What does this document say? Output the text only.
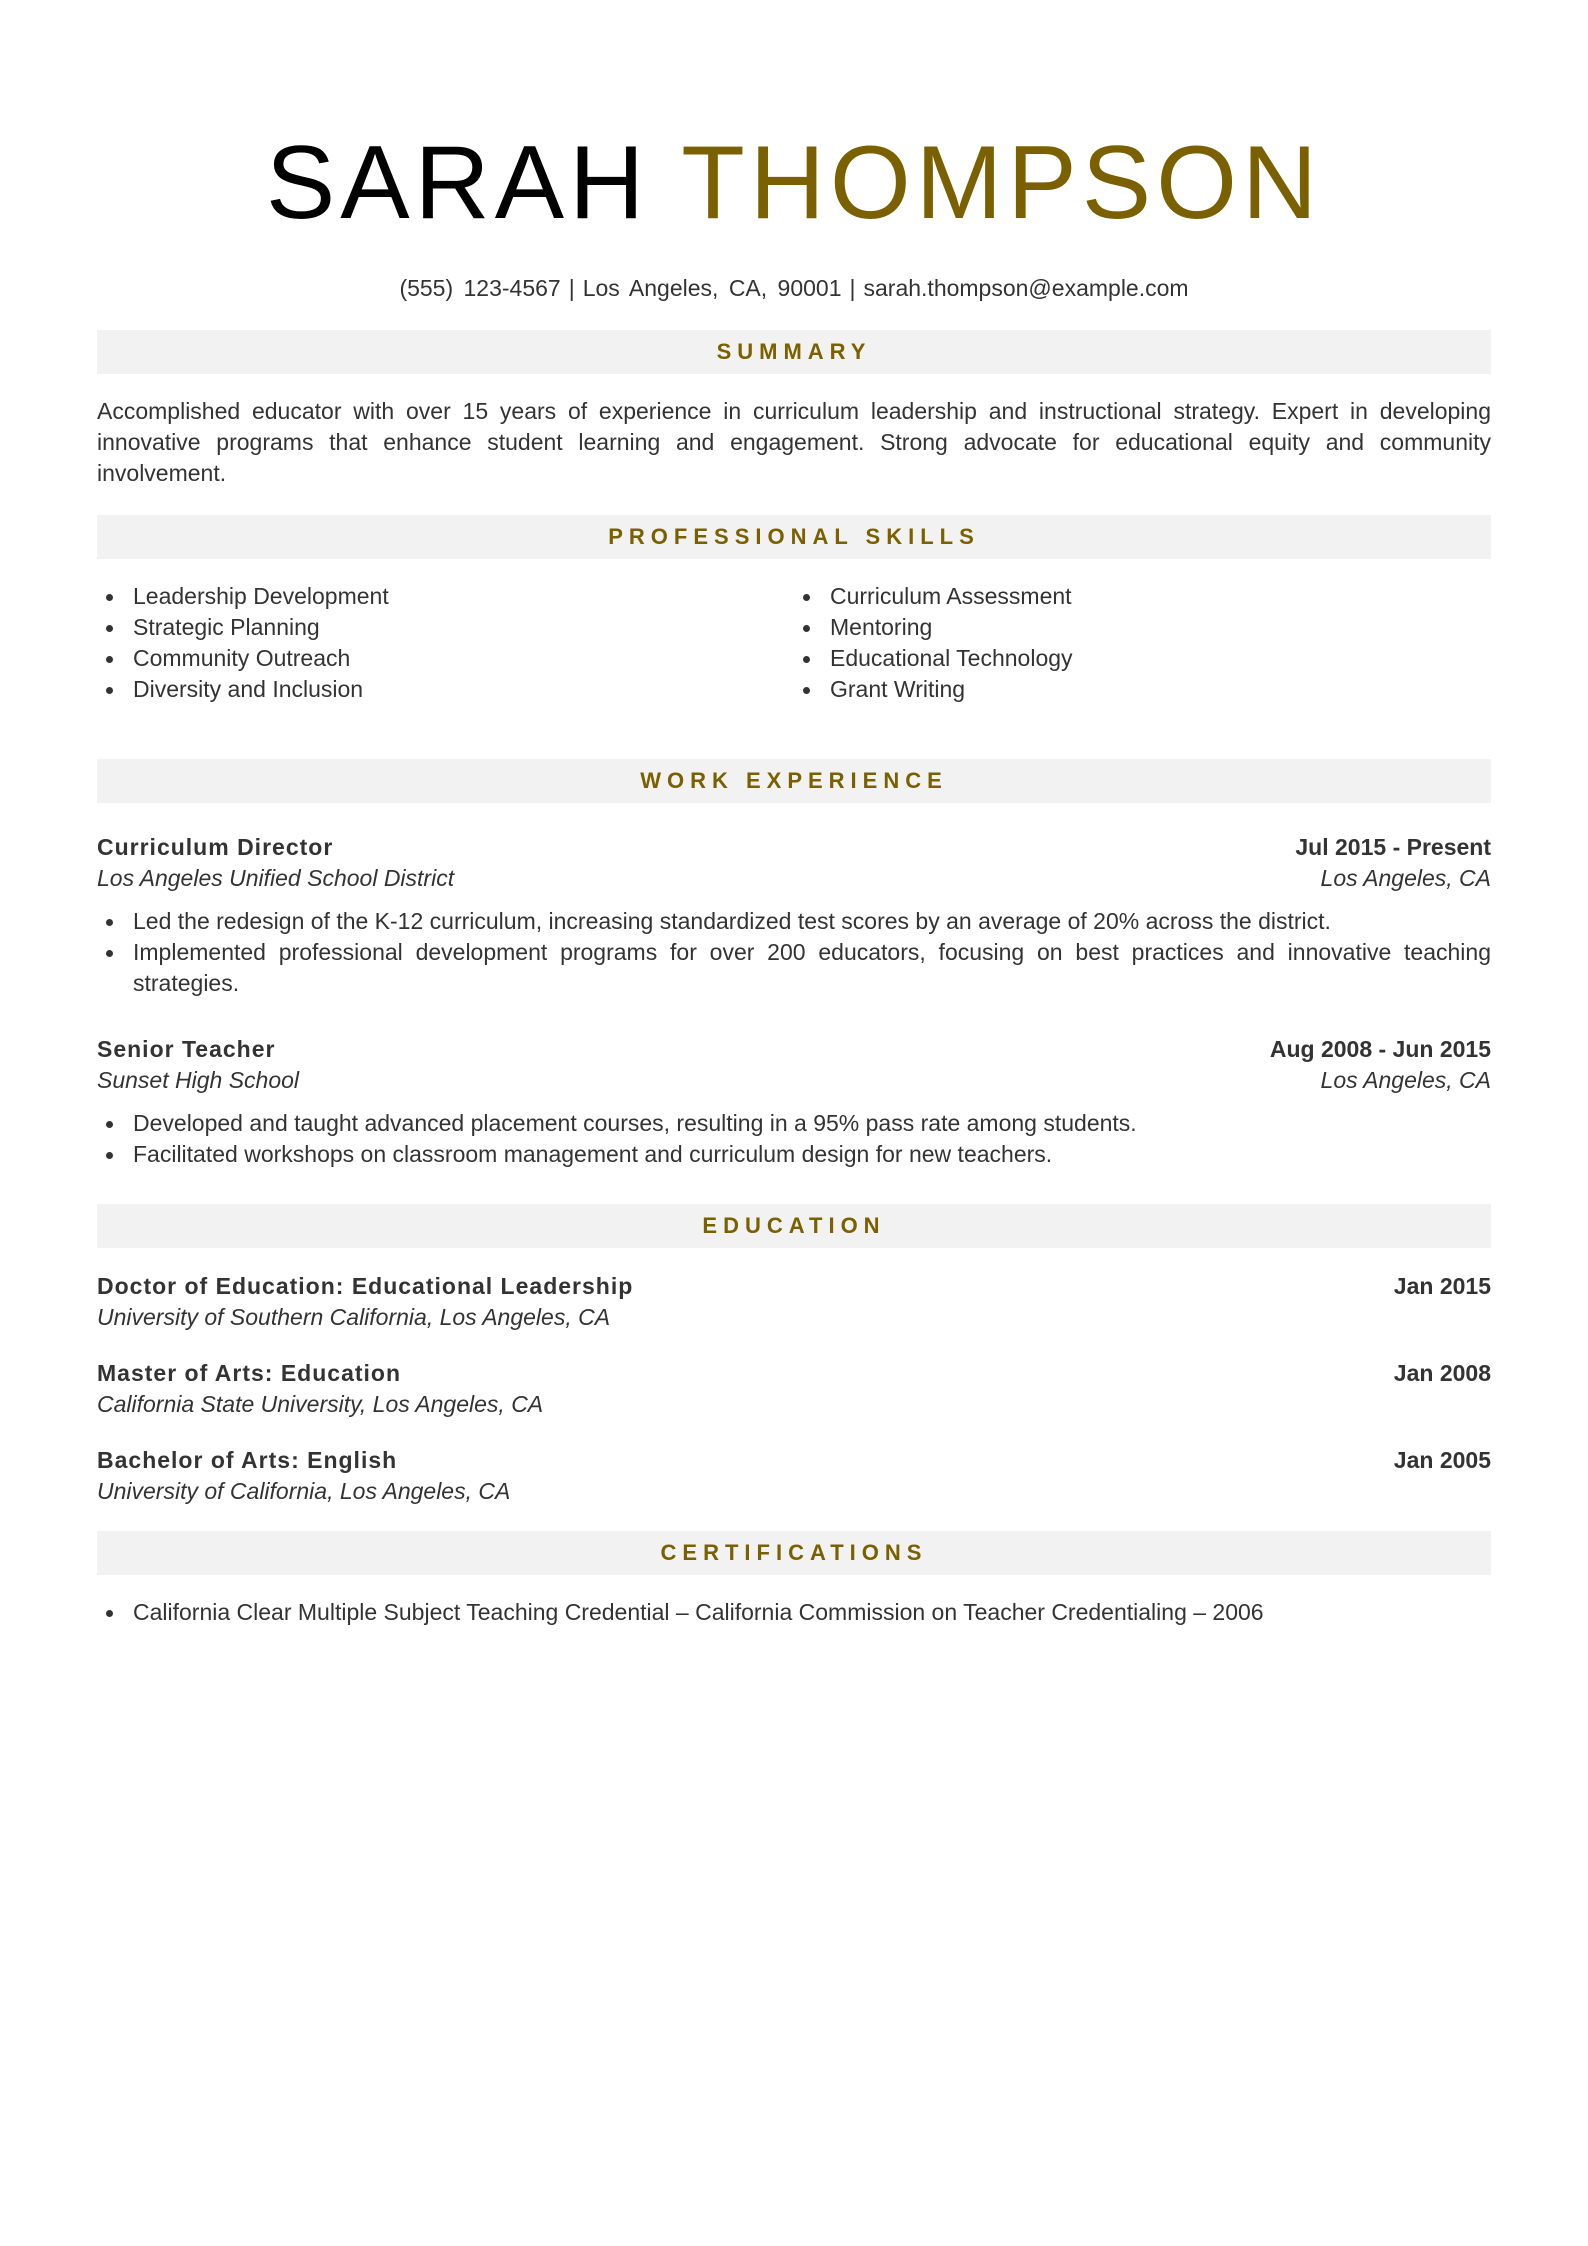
SARAH THOMPSON
(555) 123-4567 | Los Angeles, CA, 90001 | sarah.thompson@example.com
SUMMARY
Accomplished educator with over 15 years of experience in curriculum leadership and instructional strategy. Expert in developing innovative programs that enhance student learning and engagement. Strong advocate for educational equity and community involvement.
PROFESSIONAL SKILLS
Leadership Development
Strategic Planning
Community Outreach
Diversity and Inclusion
Curriculum Assessment
Mentoring
Educational Technology
Grant Writing
WORK EXPERIENCE
Curriculum Director	Jul 2015 - Present
Los Angeles Unified School District	Los Angeles, CA
Led the redesign of the K-12 curriculum, increasing standardized test scores by an average of 20% across the district.
Implemented professional development programs for over 200 educators, focusing on best practices and innovative teaching strategies.
Senior Teacher	Aug 2008 - Jun 2015
Sunset High School	Los Angeles, CA
Developed and taught advanced placement courses, resulting in a 95% pass rate among students.
Facilitated workshops on classroom management and curriculum design for new teachers.
EDUCATION
Doctor of Education: Educational Leadership	Jan 2015
University of Southern California, Los Angeles, CA
Master of Arts: Education	Jan 2008
California State University, Los Angeles, CA
Bachelor of Arts: English	Jan 2005
University of California, Los Angeles, CA
CERTIFICATIONS
California Clear Multiple Subject Teaching Credential – California Commission on Teacher Credentialing – 2006
